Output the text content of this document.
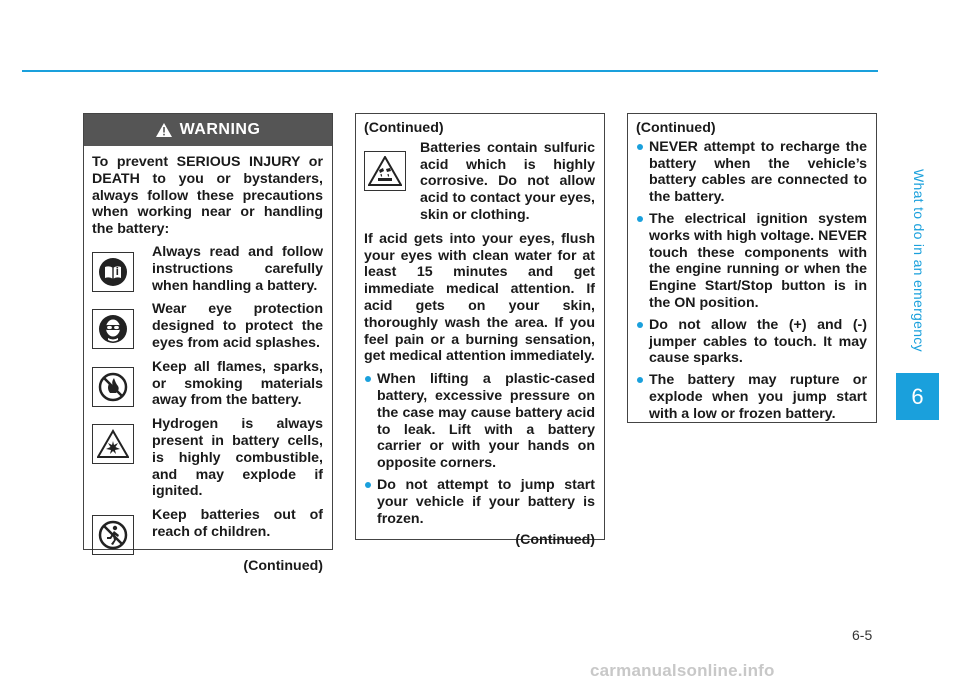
What to do in an emergency
6
WARNING
To prevent SERIOUS INJURY or DEATH to you or bystanders, always follow these precautions when working near or handling the battery:
Always read and follow instructions carefully when handling a battery.
Wear eye protection designed to protect the eyes from acid splashes.
Keep all flames, sparks, or smoking materials away from the battery.
Hydrogen is always present in battery cells, is highly combustible, and may explode if ignited.
Keep batteries out of reach of children.
(Continued)
(Continued)
Batteries contain sulfuric acid which is highly corrosive. Do not allow acid to contact your eyes, skin or clothing.
If acid gets into your eyes, flush your eyes with clean water for at least 15 minutes and get immediate medical attention. If acid gets on your skin, thoroughly wash the area. If you feel pain or a burning sensation, get medical attention immediately.
When lifting a plastic-cased battery, excessive pressure on the case may cause battery acid to leak. Lift with a battery carrier or with your hands on opposite corners.
Do not attempt to jump start your vehicle if your battery is frozen.
(Continued)
(Continued)
NEVER attempt to recharge the battery when the vehicle’s battery cables are connected to the battery.
The electrical ignition system works with high voltage. NEVER touch these components with the engine running or when the Engine Start/Stop button is in the ON position.
Do not allow the (+) and (-) jumper cables to touch. It may cause sparks.
The battery may rupture or explode when you jump start with a low or frozen battery.
6-5
carmanualsonline.info
